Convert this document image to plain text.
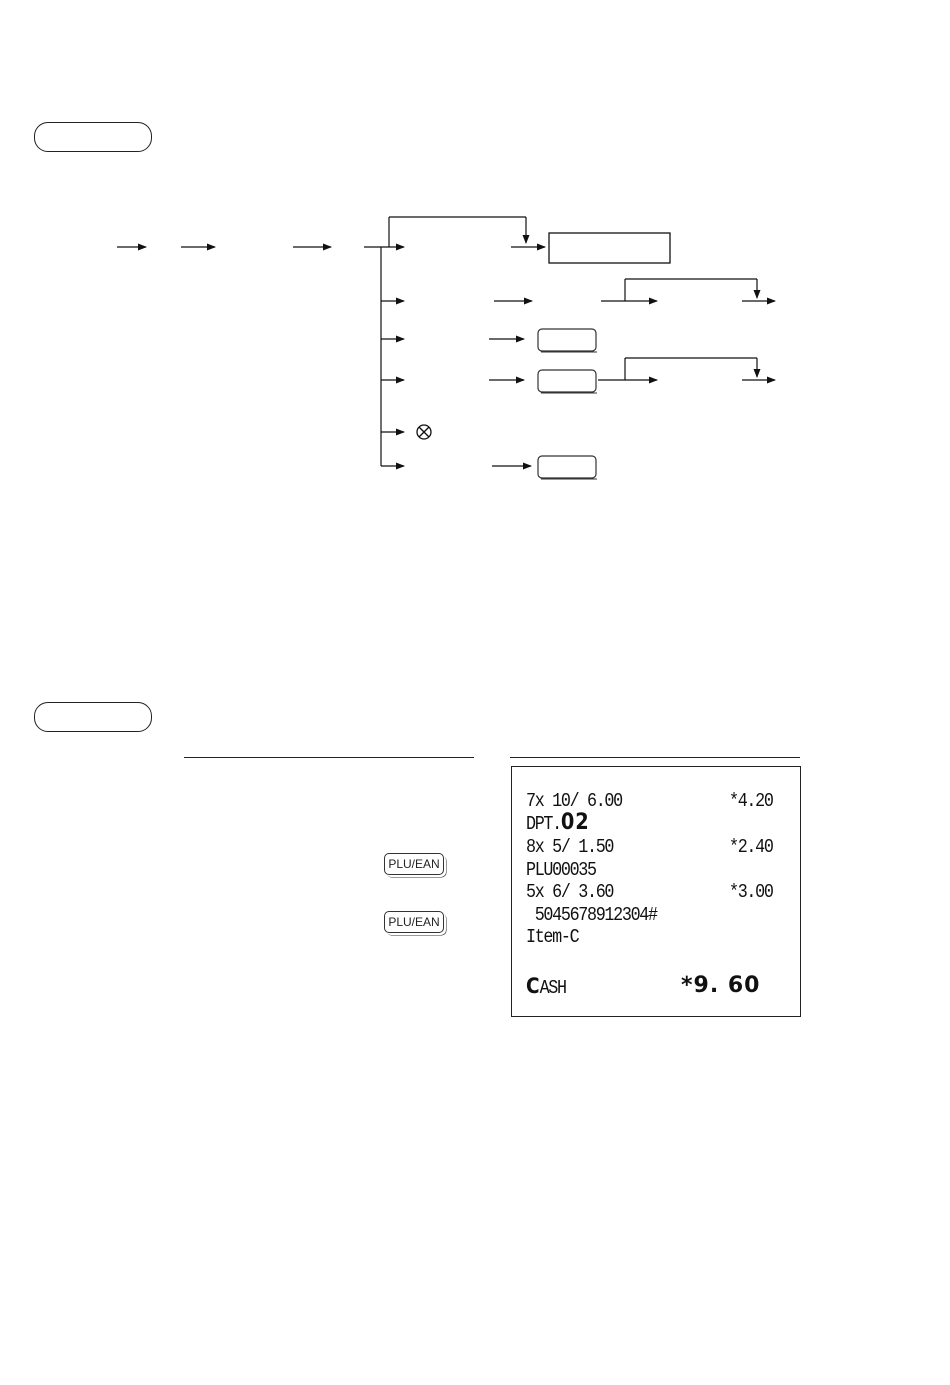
PLU/EAN
PLU/EAN
7x 10/ 6.00	*4.20
DPT.02
8x 5/ 1.50	*2.40
PLU00035
5x 6/ 3.60	*3.00
5045678912304#
Item-C
CASH	*9. 60
